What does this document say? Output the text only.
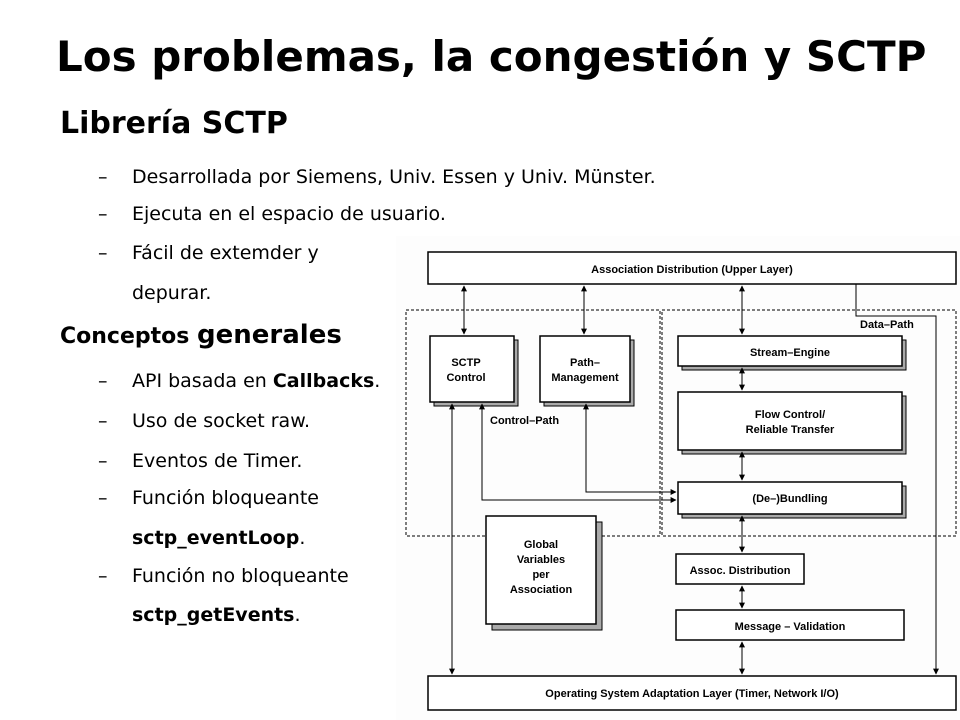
Los problemas, la congestión y SCTP
Librería SCTP
– Desarrollada por Siemens, Univ. Essen y Univ. Münster.
– Ejecuta en el espacio de usuario.
– Fácil de extemder y
depurar.
Conceptos generales
– API basada en Callbacks.
– Uso de socket raw.
– Eventos de Timer.
– Función bloqueante
sctp_eventLoop.
– Función no bloqueante
sctp_getEvents.
Association Distribution (Upper Layer)
Data–Path
Control–Path
SCTP
Control
Path–
Management
Stream–Engine
Flow Control/
Reliable Transfer
(De–)Bundling
Global
Variables
per
Association
Assoc. Distribution
Message – Validation
Operating System Adaptation Layer (Timer, Network I/O)
